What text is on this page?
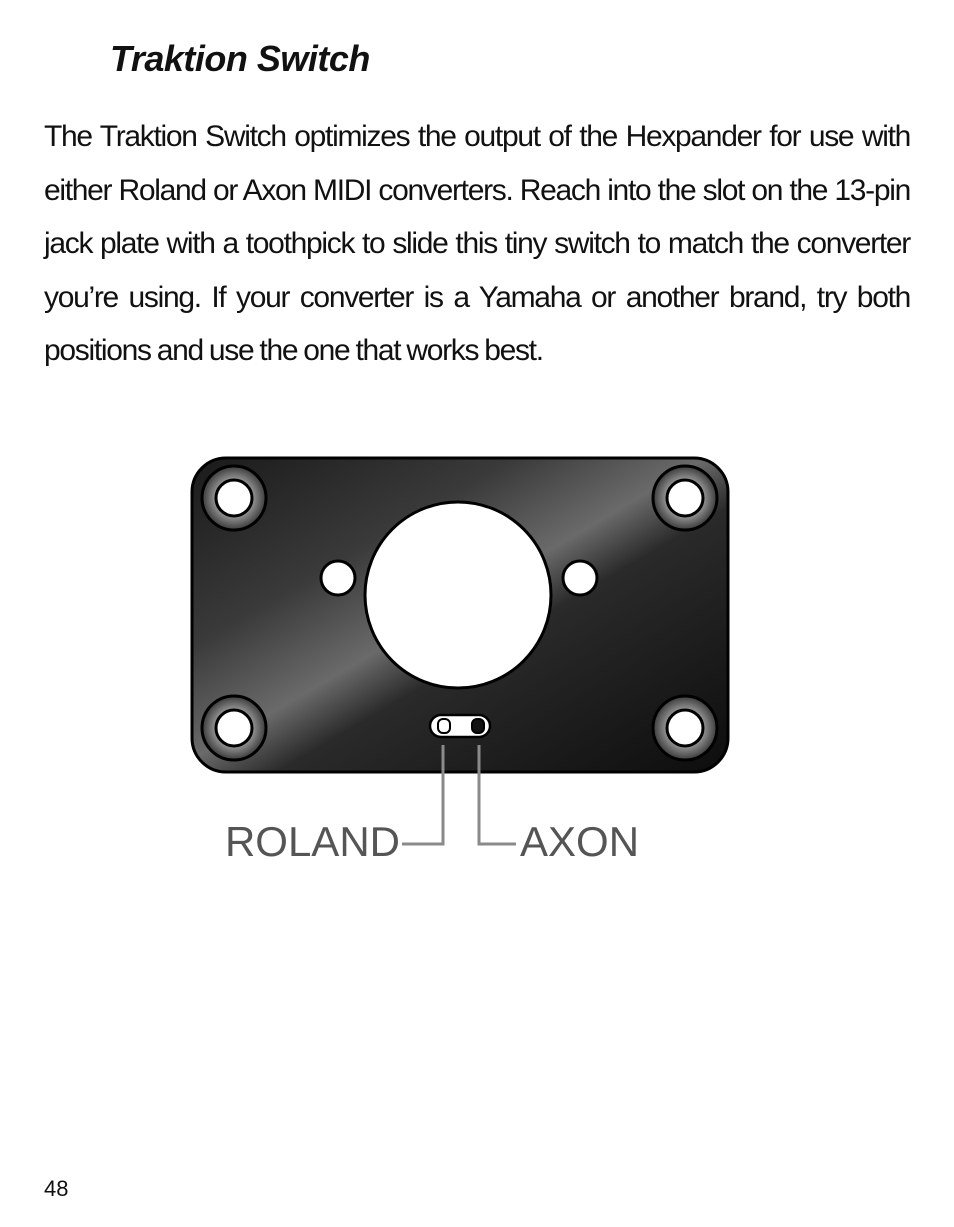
Traktion Switch

The Traktion Switch optimizes the output of the Hexpander for use with either Roland or Axon MIDI converters. Reach into the slot on the 13-pin jack plate with a toothpick to slide this tiny switch to match the converter you’re using. If your converter is a Yamaha or another brand, try both positions and use the one that works best.

ROLAND	AXON

48
